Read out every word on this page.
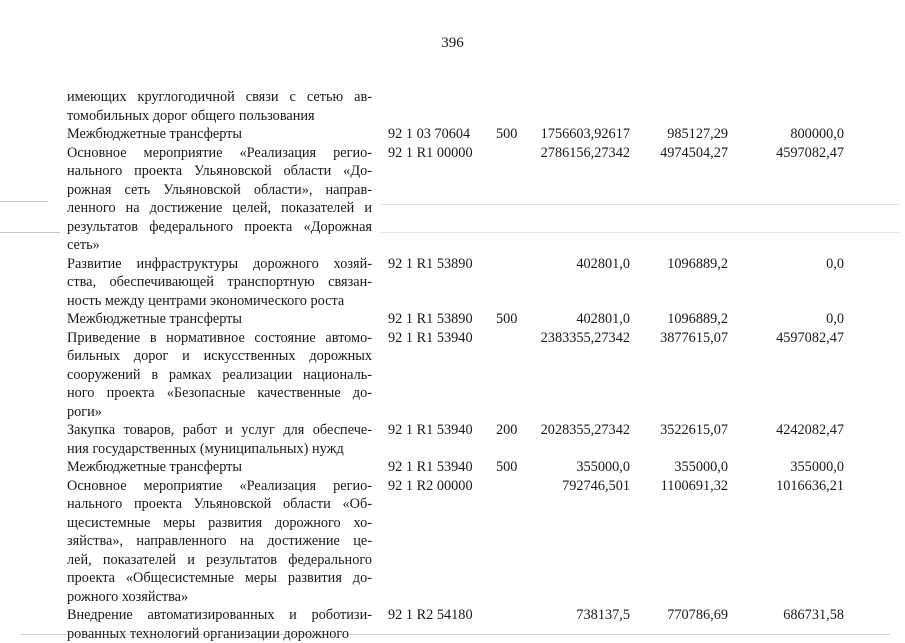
396
имеющих круглогодичной связи с сетью ав-
томобильных дорог общего пользования
Межбюджетные трансферты	92 1 03 70604 500	1756603,92617	985127,29	800000,0
Основное мероприятие «Реализация регио-
нального проекта Ульяновской области «До-
рожная сеть Ульяновской области», направ-
ленного на достижение целей, показателей и
результатов федерального проекта «Дорожная
сеть»
92 1 R1 00000	2786156,27342	4974504,27	4597082,47
Развитие инфраструктуры дорожного хозяй-
ства, обеспечивающей транспортную связан-
ность между центрами экономического роста
92 1 R1 53890	402801,0	1096889,2	0,0
Межбюджетные трансферты	92 1 R1 53890 500	402801,0	1096889,2	0,0
Приведение в нормативное состояние автомо-
бильных дорог и искусственных дорожных
сооружений в рамках реализации националь-
ного проекта «Безопасные качественные до-
роги»
92 1 R1 53940	2383355,27342	3877615,07	4597082,47
Закупка товаров, работ и услуг для обеспече-
ния государственных (муниципальных) нужд
92 1 R1 53940 200	2028355,27342	3522615,07	4242082,47
Межбюджетные трансферты	92 1 R1 53940 500	355000,0	355000,0	355000,0
Основное мероприятие «Реализация регио-
нального проекта Ульяновской области «Об-
щесистемные меры развития дорожного хо-
зяйства», направленного на достижение це-
лей, показателей и результатов федерального
проекта «Общесистемные меры развития до-
рожного хозяйства»
92 1 R2 00000	792746,501	1100691,32	1016636,21
Внедрение автоматизированных и роботизи-
рованных технологий организации дорожного
92 1 R2 54180	738137,5	770786,69	686731,58
